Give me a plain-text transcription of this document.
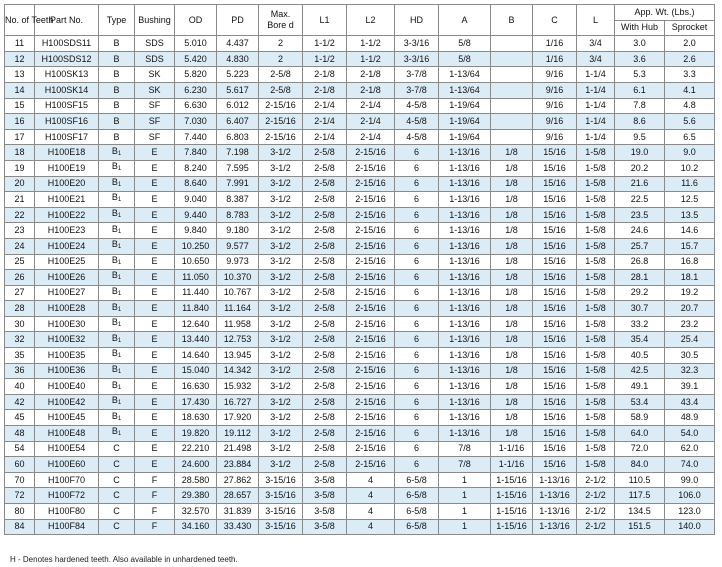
No. of Teeth	Part No.	Type	Bushing	OD	PD	Max. Bore d	L1	L2	HD	A	B	C	L	App. Wt. (Lbs.)	
														With Hub	Sprocket
11	H100SDS11	B	SDS	5.010	4.437	2	1-1/2	1-1/2	3-3/16	5/8		1/16	3/4	3.0	2.0
12	H100SDS12	B	SDS	5.420	4.830	2	1-1/2	1-1/2	3-3/16	5/8		1/16	3/4	3.6	2.6
13	H100SK13	B	SK	5.820	5.223	2-5/8	2-1/8	2-1/8	3-7/8	1-13/64		9/16	1-1/4	5.3	3.3
14	H100SK14	B	SK	6.230	5.617	2-5/8	2-1/8	2-1/8	3-7/8	1-13/64		9/16	1-1/4	6.1	4.1
15	H100SF15	B	SF	6.630	6.012	2-15/16	2-1/4	2-1/4	4-5/8	1-19/64		9/16	1-1/4	7.8	4.8
16	H100SF16	B	SF	7.030	6.407	2-15/16	2-1/4	2-1/4	4-5/8	1-19/64		9/16	1-1/4	8.6	5.6
17	H100SF17	B	SF	7.440	6.803	2-15/16	2-1/4	2-1/4	4-5/8	1-19/64		9/16	1-1/4	9.5	6.5
18	H100E18	B1	E	7.840	7.198	3-1/2	2-5/8	2-15/16	6	1-13/16	1/8	15/16	1-5/8	19.0	9.0
19	H100E19	B1	E	8.240	7.595	3-1/2	2-5/8	2-15/16	6	1-13/16	1/8	15/16	1-5/8	20.2	10.2
20	H100E20	B1	E	8.640	7.991	3-1/2	2-5/8	2-15/16	6	1-13/16	1/8	15/16	1-5/8	21.6	11.6
21	H100E21	B1	E	9.040	8.387	3-1/2	2-5/8	2-15/16	6	1-13/16	1/8	15/16	1-5/8	22.5	12.5
22	H100E22	B1	E	9.440	8.783	3-1/2	2-5/8	2-15/16	6	1-13/16	1/8	15/16	1-5/8	23.5	13.5
23	H100E23	B1	E	9.840	9.180	3-1/2	2-5/8	2-15/16	6	1-13/16	1/8	15/16	1-5/8	24.6	14.6
24	H100E24	B1	E	10.250	9.577	3-1/2	2-5/8	2-15/16	6	1-13/16	1/8	15/16	1-5/8	25.7	15.7
25	H100E25	B1	E	10.650	9.973	3-1/2	2-5/8	2-15/16	6	1-13/16	1/8	15/16	1-5/8	26.8	16.8
26	H100E26	B1	E	11.050	10.370	3-1/2	2-5/8	2-15/16	6	1-13/16	1/8	15/16	1-5/8	28.1	18.1
27	H100E27	B1	E	11.440	10.767	3-1/2	2-5/8	2-15/16	6	1-13/16	1/8	15/16	1-5/8	29.2	19.2
28	H100E28	B1	E	11.840	11.164	3-1/2	2-5/8	2-15/16	6	1-13/16	1/8	15/16	1-5/8	30.7	20.7
30	H100E30	B1	E	12.640	11.958	3-1/2	2-5/8	2-15/16	6	1-13/16	1/8	15/16	1-5/8	33.2	23.2
32	H100E32	B1	E	13.440	12.753	3-1/2	2-5/8	2-15/16	6	1-13/16	1/8	15/16	1-5/8	35.4	25.4
35	H100E35	B1	E	14.640	13.945	3-1/2	2-5/8	2-15/16	6	1-13/16	1/8	15/16	1-5/8	40.5	30.5
36	H100E36	B1	E	15.040	14.342	3-1/2	2-5/8	2-15/16	6	1-13/16	1/8	15/16	1-5/8	42.5	32.3
40	H100E40	B1	E	16.630	15.932	3-1/2	2-5/8	2-15/16	6	1-13/16	1/8	15/16	1-5/8	49.1	39.1
42	H100E42	B1	E	17.430	16.727	3-1/2	2-5/8	2-15/16	6	1-13/16	1/8	15/16	1-5/8	53.4	43.4
45	H100E45	B1	E	18.630	17.920	3-1/2	2-5/8	2-15/16	6	1-13/16	1/8	15/16	1-5/8	58.9	48.9
48	H100E48	B1	E	19.820	19.112	3-1/2	2-5/8	2-15/16	6	1-13/16	1/8	15/16	1-5/8	64.0	54.0
54	H100E54	C	E	22.210	21.498	3-1/2	2-5/8	2-15/16	6	7/8	1-1/16	15/16	1-5/8	72.0	62.0
60	H100E60	C	E	24.600	23.884	3-1/2	2-5/8	2-15/16	6	7/8	1-1/16	15/16	1-5/8	84.0	74.0
70	H100F70	C	F	28.580	27.862	3-15/16	3-5/8	4	6-5/8	1	1-15/16	1-13/16	2-1/2	110.5	99.0
72	H100F72	C	F	29.380	28.657	3-15/16	3-5/8	4	6-5/8	1	1-15/16	1-13/16	2-1/2	117.5	106.0
80	H100F80	C	F	32.570	31.839	3-15/16	3-5/8	4	6-5/8	1	1-15/16	1-13/16	2-1/2	134.5	123.0
84	H100F84	C	F	34.160	33.430	3-15/16	3-5/8	4	6-5/8	1	1-15/16	1-13/16	2-1/2	151.5	140.0
H - Denotes hardened teeth. Also available in unhardened teeth.
